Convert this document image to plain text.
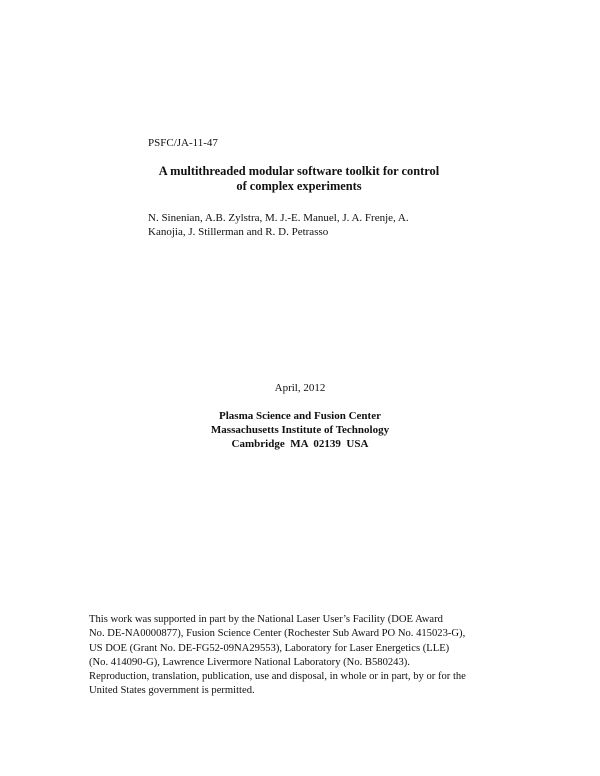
PSFC/JA-11-47
A multithreaded modular software toolkit for control
of complex experiments
N. Sinenian, A.B. Zylstra, M. J.-E. Manuel, J. A. Frenje, A.
Kanojia, J. Stillerman and R. D. Petrasso
April, 2012
Plasma Science and Fusion Center
Massachusetts Institute of Technology
Cambridge  MA  02139  USA
This work was supported in part by the National Laser User’s Facility (DOE Award
No. DE-NA0000877), Fusion Science Center (Rochester Sub Award PO No. 415023-G),
US DOE (Grant No. DE-FG52-09NA29553), Laboratory for Laser Energetics (LLE)
(No. 414090-G), Lawrence Livermore National Laboratory (No. B580243).
Reproduction, translation, publication, use and disposal, in whole or in part, by or for the
United States government is permitted.
